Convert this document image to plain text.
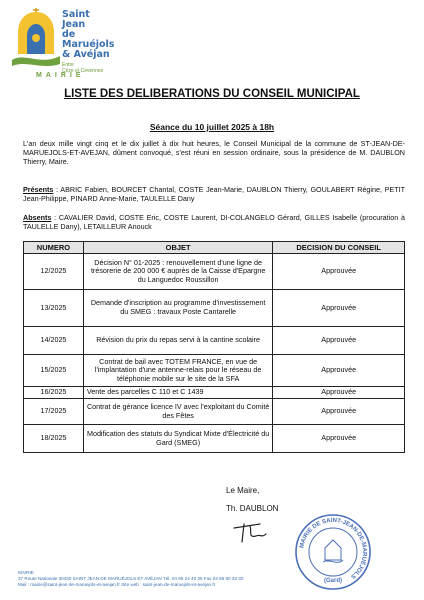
Saint Jean
de Maruéjols
& Avéjan
Entre
Cèze et Cévennes
MAIRIE
LISTE DES DELIBERATIONS DU CONSEIL MUNICIPAL
Séance du 10 juillet 2025 à 18h

L'an deux mille vingt cinq et le dix juillet à dix huit heures, le Conseil Municipal de la commune de ST-JEAN-DE-MARUEJOLS-ET-AVEJAN, dûment convoqué, s'est réuni en session ordinaire, sous la présidence de M. DAUBLON Thierry, Maire.

Présents : ABRIC Fabien, BOURCET Chantal, COSTE Jean-Marie, DAUBLON Thierry, GOULABERT Régine, PETIT Jean-Philippe, PINARD Anne-Marie, TAULELLE Dany

Absents : CAVALIER David, COSTE Eric, COSTE Laurent, DI-COLANGELO Gérard, GILLES Isabelle (procuration à TAULELLE Dany), LETAILLEUR Anouck

NUMERO	OBJET	DECISION DU CONSEIL
12/2025	Décision N° 01-2025 : renouvellement d'une ligne de trésorerie de 200 000 € auprès de la Caisse d'Epargne du Languedoc Roussillon	Approuvée
13/2025	Demande d'inscription au programme d'investissement du SMEG : travaux Poste Cantarelle	Approuvée
14/2025	Révision du prix du repas servi à la cantine scolaire	Approuvée
15/2025	Contrat de bail avec TOTEM FRANCE, en vue de l'implantation d'une antenne-relais pour le réseau de téléphonie mobile sur le site de la SFA	Approuvée
16/2025	Vente des parcelles C 110 et C 1439	Approuvée
17/2025	Contrat de gérance licence IV avec l'exploitant du Comité des Fêtes	Approuvée
18/2025	Modification des statuts du Syndicat Mixte d'Électricité du Gard (SMEG)	Approuvée
Le Maire,
Th. DAUBLON
MAIRIE DE SAINT-JEAN-DE-MARUÉJOLS
(Gard)
MAIRIE
37 Route Nationale 30430 SAINT JEAN DE MARUÉJOLS ET AVÉJAN Tél. 04 66 24 40 35 Fax 04 66 60 32 30
Mail : mairie@saint-jean-de-maruejols-et-avejan.fr Site web : saint-jean-de-maruejols-et-avejan.fr
